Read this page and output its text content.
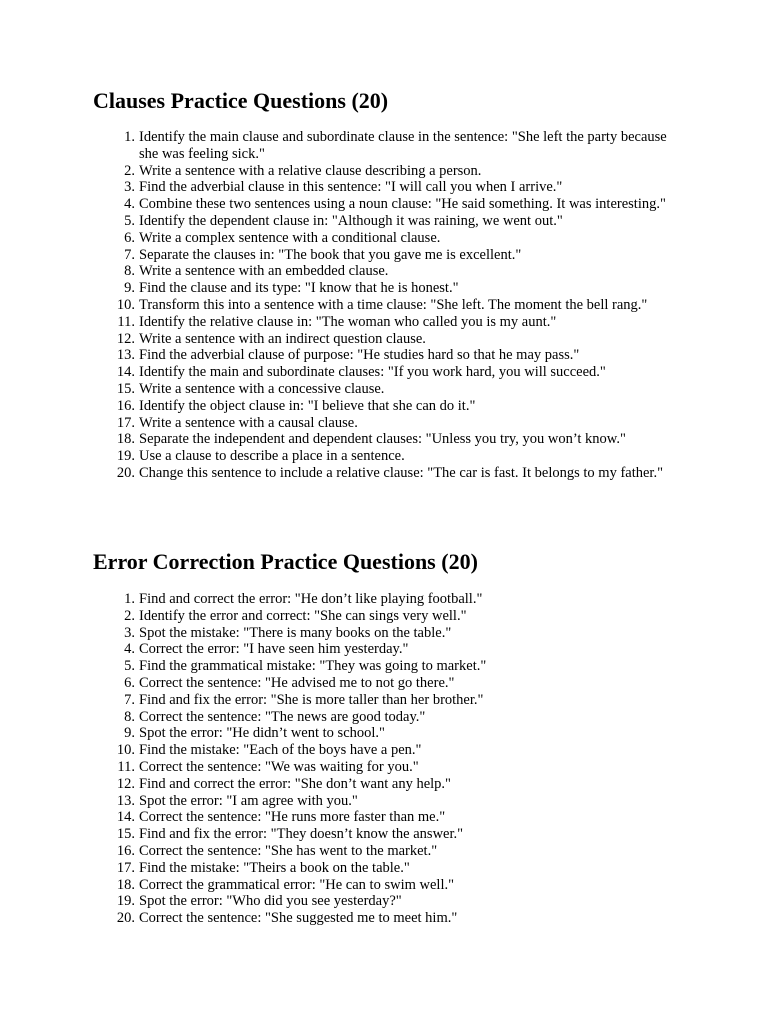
Clauses Practice Questions (20)
1. Identify the main clause and subordinate clause in the sentence: "She left the party because she was feeling sick."
2. Write a sentence with a relative clause describing a person.
3. Find the adverbial clause in this sentence: "I will call you when I arrive."
4. Combine these two sentences using a noun clause: "He said something. It was interesting."
5. Identify the dependent clause in: "Although it was raining, we went out."
6. Write a complex sentence with a conditional clause.
7. Separate the clauses in: "The book that you gave me is excellent."
8. Write a sentence with an embedded clause.
9. Find the clause and its type: "I know that he is honest."
10. Transform this into a sentence with a time clause: "She left. The moment the bell rang."
11. Identify the relative clause in: "The woman who called you is my aunt."
12. Write a sentence with an indirect question clause.
13. Find the adverbial clause of purpose: "He studies hard so that he may pass."
14. Identify the main and subordinate clauses: "If you work hard, you will succeed."
15. Write a sentence with a concessive clause.
16. Identify the object clause in: "I believe that she can do it."
17. Write a sentence with a causal clause.
18. Separate the independent and dependent clauses: "Unless you try, you won’t know."
19. Use a clause to describe a place in a sentence.
20. Change this sentence to include a relative clause: "The car is fast. It belongs to my father."
Error Correction Practice Questions (20)
1. Find and correct the error: "He don’t like playing football."
2. Identify the error and correct: "She can sings very well."
3. Spot the mistake: "There is many books on the table."
4. Correct the error: "I have seen him yesterday."
5. Find the grammatical mistake: "They was going to market."
6. Correct the sentence: "He advised me to not go there."
7. Find and fix the error: "She is more taller than her brother."
8. Correct the sentence: "The news are good today."
9. Spot the error: "He didn’t went to school."
10. Find the mistake: "Each of the boys have a pen."
11. Correct the sentence: "We was waiting for you."
12. Find and correct the error: "She don’t want any help."
13. Spot the error: "I am agree with you."
14. Correct the sentence: "He runs more faster than me."
15. Find and fix the error: "They doesn’t know the answer."
16. Correct the sentence: "She has went to the market."
17. Find the mistake: "Theirs a book on the table."
18. Correct the grammatical error: "He can to swim well."
19. Spot the error: "Who did you see yesterday?"
20. Correct the sentence: "She suggested me to meet him."
